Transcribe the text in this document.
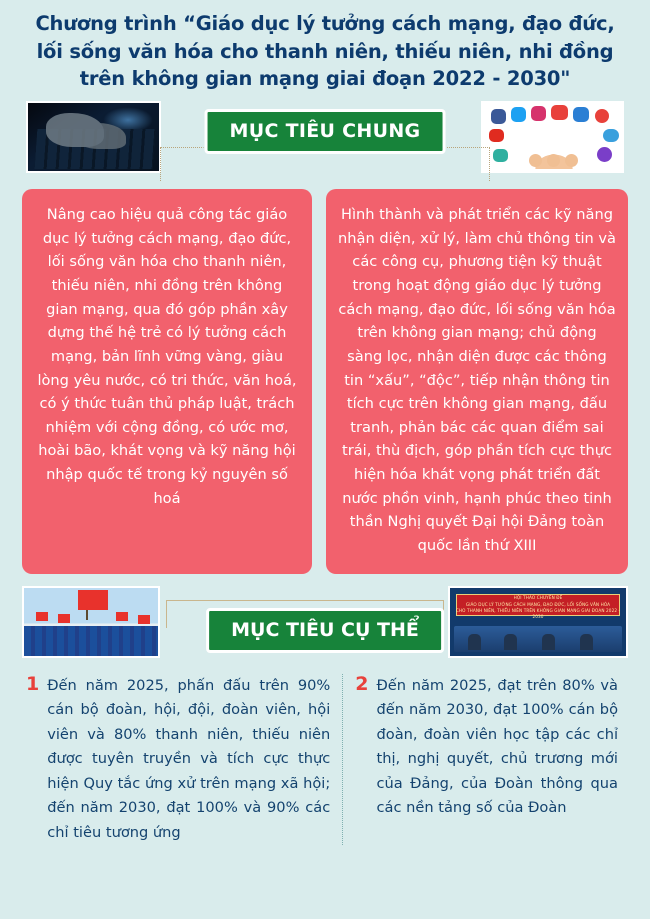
Chương trình “Giáo dục lý tưởng cách mạng, đạo đức,
lối sống văn hóa cho thanh niên, thiếu niên, nhi đồng
trên không gian mạng giai đoạn 2022 - 2030"
MỤC TIÊU CHUNG
Nâng cao hiệu quả công tác giáo dục lý tưởng cách mạng, đạo đức, lối sống văn hóa cho thanh niên, thiếu niên, nhi đồng trên không gian mạng, qua đó góp phần xây dựng thế hệ trẻ có lý tưởng cách mạng, bản lĩnh vững vàng, giàu lòng yêu nước, có tri thức, văn hoá, có ý thức tuân thủ pháp luật, trách nhiệm với cộng đồng, có ước mơ, hoài bão, khát vọng và kỹ năng hội nhập quốc tế trong kỷ nguyên số hoá
Hình thành và phát triển các kỹ năng nhận diện, xử lý, làm chủ thông tin và các công cụ, phương tiện kỹ thuật trong hoạt động giáo dục lý tưởng cách mạng, đạo đức, lối sống văn hóa trên không gian mạng; chủ động sàng lọc, nhận diện được các thông tin “xấu”, “độc”, tiếp nhận thông tin tích cực trên không gian mạng, đấu tranh, phản bác các quan điểm sai trái, thù địch, góp phần tích cực thực hiện hóa khát vọng phát triển đất nước phồn vinh, hạnh phúc theo tinh thần Nghị quyết Đại hội Đảng toàn quốc lần thứ XIII
HỘI THẢO CHUYÊN ĐỀ
GIÁO DỤC LÝ TƯỞNG CÁCH MẠNG, ĐẠO ĐỨC, LỐI SỐNG VĂN HÓA
CHO THANH NIÊN, THIẾU NIÊN TRÊN KHÔNG GIAN MẠNG GIAI ĐOẠN 2022 - 2030
MỤC TIÊU CỤ THỂ
1 Đến năm 2025, phấn đấu trên 90% cán bộ đoàn, hội, đội, đoàn viên, hội viên và 80% thanh niên, thiếu niên được tuyên truyền và tích cực thực hiện Quy tắc ứng xử trên mạng xã hội; đến năm 2030, đạt 100% và 90% các chỉ tiêu tương ứng
2 Đến năm 2025, đạt trên 80% và đến năm 2030, đạt 100% cán bộ đoàn, đoàn viên học tập các chỉ thị, nghị quyết, chủ trương mới của Đảng, của Đoàn thông qua các nền tảng số của Đoàn
